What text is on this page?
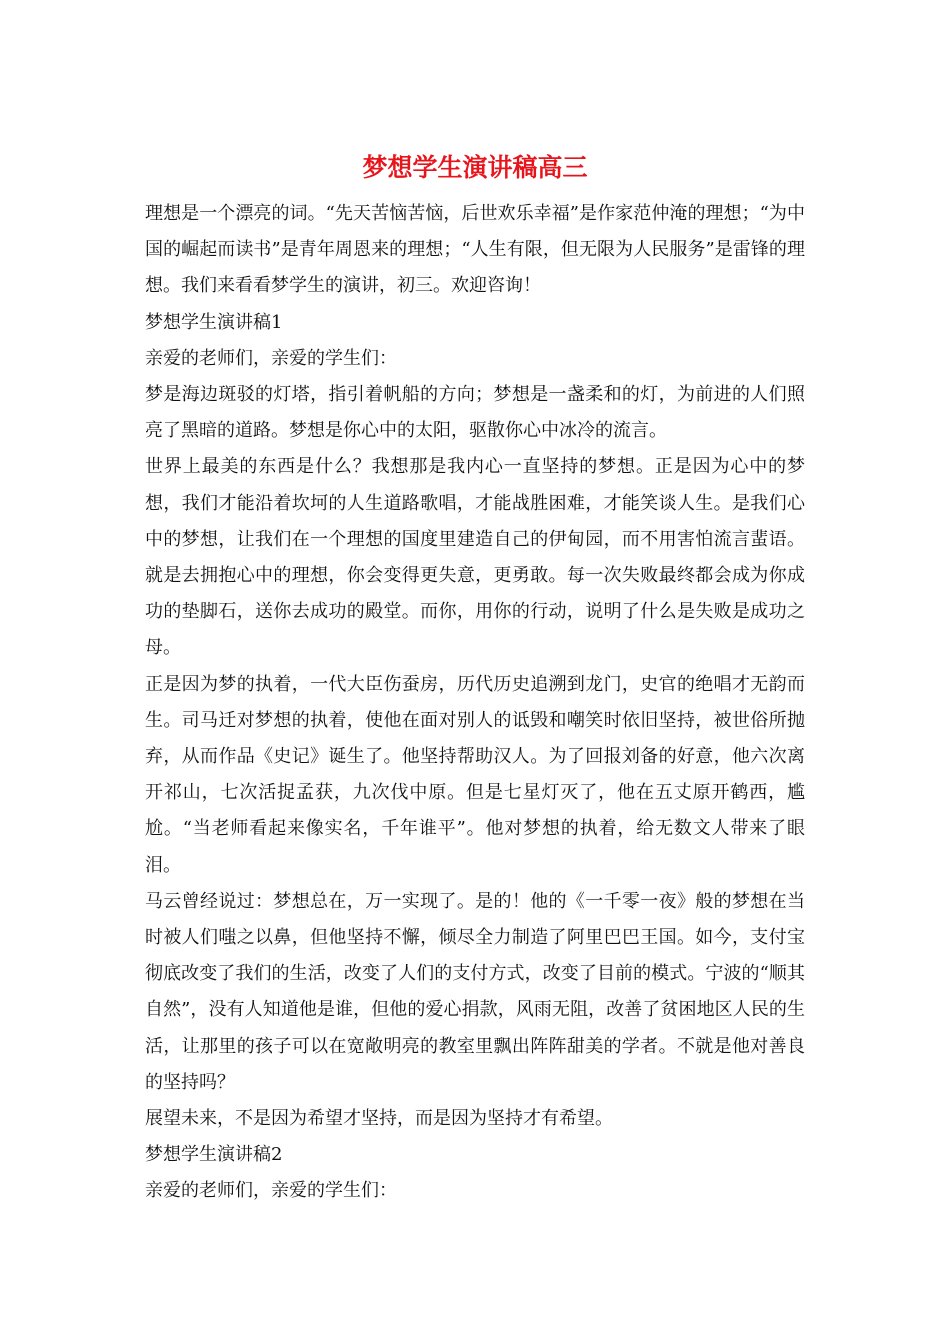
梦想学生演讲稿高三

理想是一个漂亮的词。“先天苦恼苦恼，后世欢乐幸福”是作家范仲淹的理想；“为中国的崛起而读书”是青年周恩来的理想；“人生有限，但无限为人民服务”是雷锋的理想。我们来看看梦学生的演讲，初三。欢迎咨询！

梦想学生演讲稿1

亲爱的老师们，亲爱的学生们：

梦是海边斑驳的灯塔，指引着帆船的方向；梦想是一盏柔和的灯，为前进的人们照亮了黑暗的道路。梦想是你心中的太阳，驱散你心中冰冷的流言。

世界上最美的东西是什么？我想那是我内心一直坚持的梦想。正是因为心中的梦想，我们才能沿着坎坷的人生道路歌唱，才能战胜困难，才能笑谈人生。是我们心中的梦想，让我们在一个理想的国度里建造自己的伊甸园，而不用害怕流言蜚语。就是去拥抱心中的理想，你会变得更失意，更勇敢。每一次失败最终都会成为你成功的垫脚石，送你去成功的殿堂。而你，用你的行动，说明了什么是失败是成功之母。

正是因为梦的执着，一代大臣伤蚕房，历代历史追溯到龙门，史官的绝唱才无韵而生。司马迁对梦想的执着，使他在面对别人的诋毁和嘲笑时依旧坚持，被世俗所抛弃，从而作品《史记》诞生了。他坚持帮助汉人。为了回报刘备的好意，他六次离开祁山，七次活捉孟获，九次伐中原。但是七星灯灭了，他在五丈原开鹤西，尴尬。“当老师看起来像实名，千年谁平”。他对梦想的执着，给无数文人带来了眼泪。

马云曾经说过：梦想总在，万一实现了。是的！他的《一千零一夜》般的梦想在当时被人们嗤之以鼻，但他坚持不懈，倾尽全力制造了阿里巴巴王国。如今，支付宝彻底改变了我们的生活，改变了人们的支付方式，改变了目前的模式。宁波的“顺其自然”，没有人知道他是谁，但他的爱心捐款，风雨无阻，改善了贫困地区人民的生活，让那里的孩子可以在宽敞明亮的教室里飘出阵阵甜美的学者。不就是他对善良的坚持吗？

展望未来，不是因为希望才坚持，而是因为坚持才有希望。

梦想学生演讲稿2

亲爱的老师们，亲爱的学生们：
